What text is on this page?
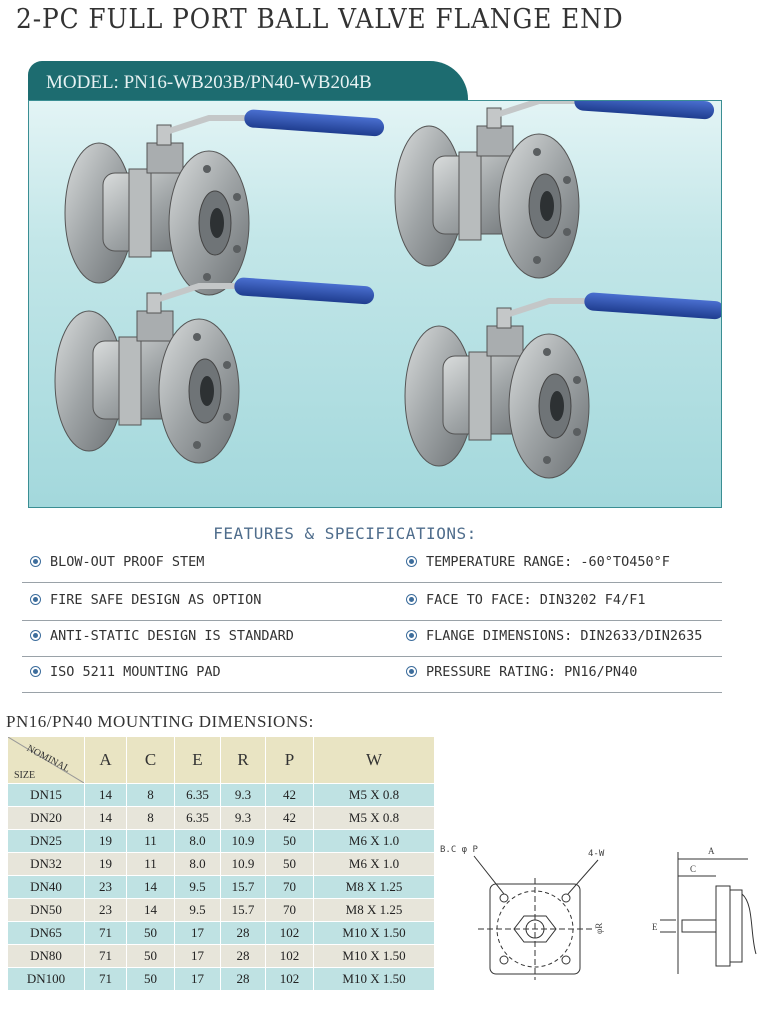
2-PC FULL PORT BALL VALVE FLANGE END
MODEL: PN16-WB203B/PN40-WB204B
FEATURES & SPECIFICATIONS:
BLOW-OUT PROOF STEM	TEMPERATURE RANGE: -60°TO450°F
FIRE SAFE DESIGN AS OPTION	FACE TO FACE: DIN3202 F4/F1
ANTI-STATIC DESIGN IS STANDARD	FLANGE DIMENSIONS: DIN2633/DIN2635
ISO 5211 MOUNTING PAD	PRESSURE RATING: PN16/PN40
PN16/PN40 MOUNTING DIMENSIONS:
NOMINAL
SIZE	A	C	E	R	P	W
DN15	14	8	6.35	9.3	42	M5 X 0.8
DN20	14	8	6.35	9.3	42	M5 X 0.8
DN25	19	11	8.0	10.9	50	M6 X 1.0
DN32	19	11	8.0	10.9	50	M6 X 1.0
DN40	23	14	9.5	15.7	70	M8 X 1.25
DN50	23	14	9.5	15.7	70	M8 X 1.25
DN65	71	50	17	28	102	M10 X 1.50
DN80	71	50	17	28	102	M10 X 1.50
DN100	71	50	17	28	102	M10 X 1.50
B.C φ P	4-W
φR
A
C
E
